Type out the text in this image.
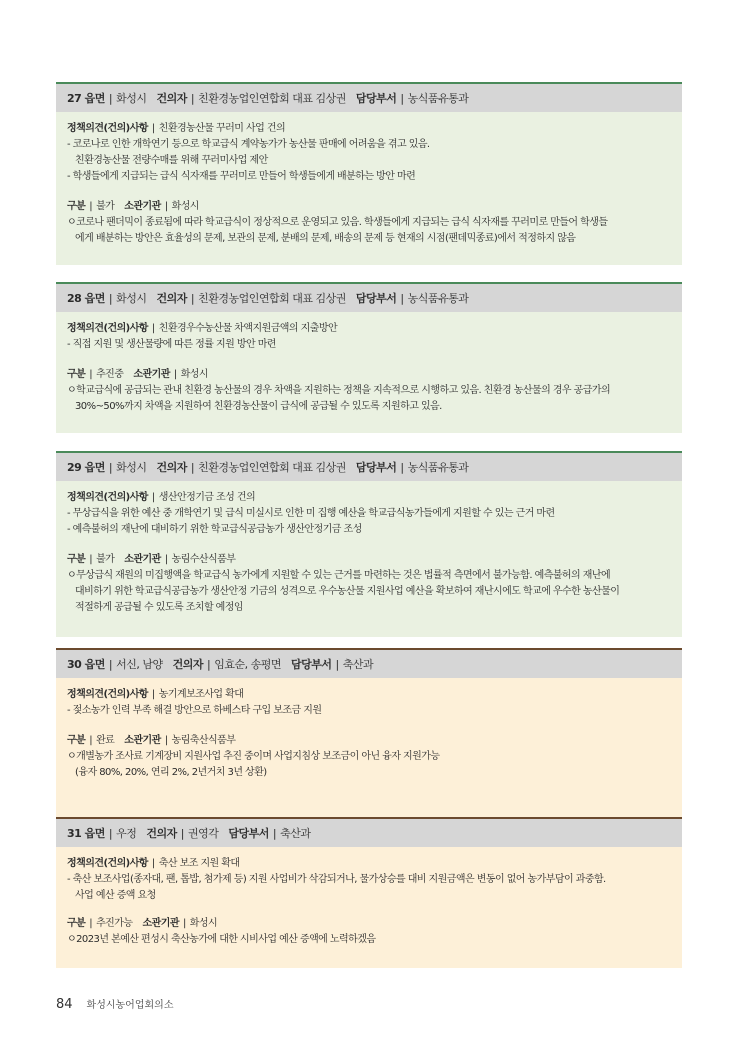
27 읍면 | 화성시 건의자 | 친환경농업인연합회 대표 김상권 담당부서 | 농식품유통과
정책의견(건의)사항 | 친환경농산물 꾸러미 사업 건의
- 코로나로 인한 개학연기 등으로 학교급식 계약농가가 농산물 판매에 어려움을 겪고 있음.
친환경농산물 전량수매를 위해 꾸러미사업 제안
- 학생들에게 지급되는 급식 식자재를 꾸러미로 만들어 학생들에게 배분하는 방안 마련
구분 | 불가 소관기관 | 화성시
ㅇ코로나 팬더믹이 종료됨에 따라 학교급식이 정상적으로 운영되고 있음. 학생들에게 지급되는 급식 식자재를 꾸러미로 만들어 학생들
에게 배분하는 방안은 효율성의 문제, 보관의 문제, 분배의 문제, 배송의 문제 등 현재의 시점(팬데믹종료)에서 적정하지 않음
28 읍면 | 화성시 건의자 | 친환경농업인연합회 대표 김상권 담당부서 | 농식품유통과
정책의견(건의)사항 | 친환경우수농산물 차액지원금액의 지출방안
- 직접 지원 및 생산물량에 따른 정률 지원 방안 마련
구분 | 추진중 소관기관 | 화성시
ㅇ학교급식에 공급되는 관내 친환경 농산물의 경우 차액을 지원하는 정책을 지속적으로 시행하고 있음. 친환경 농산물의 경우 공급가의
30%~50%까지 차액을 지원하여 친환경농산물이 급식에 공급될 수 있도록 지원하고 있음.
29 읍면 | 화성시 건의자 | 친환경농업인연합회 대표 김상권 담당부서 | 농식품유통과
정책의견(건의)사항 | 생산안정기금 조성 건의
- 무상급식을 위한 예산 중 개학연기 및 급식 미실시로 인한 미 집행 예산을 학교급식농가들에게 지원할 수 있는 근거 마련
- 예측불허의 재난에 대비하기 위한 학교급식공급농가 생산안정기금 조성
구분 | 불가 소관기관 | 농림수산식품부
ㅇ무상급식 재원의 미집행액을 학교급식 농가에게 지원할 수 있는 근거를 마련하는 것은 법률적 측면에서 불가능함. 예측불허의 재난에
대비하기 위한 학교급식공급농가 생산안정 기금의 성격으로 우수농산물 지원사업 예산을 확보하여 재난시에도 학교에 우수한 농산물이
적절하게 공급될 수 있도록 조치할 예정임
30 읍면 | 서신, 남양 건의자 | 임효순, 송평면 담당부서 | 축산과
정책의견(건의)사항 | 농기계보조사업 확대
- 젖소농가 인력 부족 해결 방안으로 하베스타 구입 보조금 지원
구분 | 완료 소관기관 | 농림축산식품부
ㅇ개별농가 조사료 기계장비 지원사업 추진 중이며 사업지침상 보조금이 아닌 융자 지원가능
(융자 80%, 20%, 연리 2%, 2년거치 3년 상환)
31 읍면 | 우정 건의자 | 권영각 담당부서 | 축산과
정책의견(건의)사항 | 축산 보조 지원 확대
- 축산 보조사업(종자대, 팬, 톱밥, 첨가제 등) 지원 사업비가 삭감되거나, 물가상승를 대비 지원금액은 변동이 없어 농가부담이 과중함.
사업 예산 증액 요청
구분 | 추진가능 소관기관 | 화성시
ㅇ2023년 본예산 편성시 축산농가에 대한 시비사업 예산 증액에 노력하겠음
84 화성시농어업회의소
